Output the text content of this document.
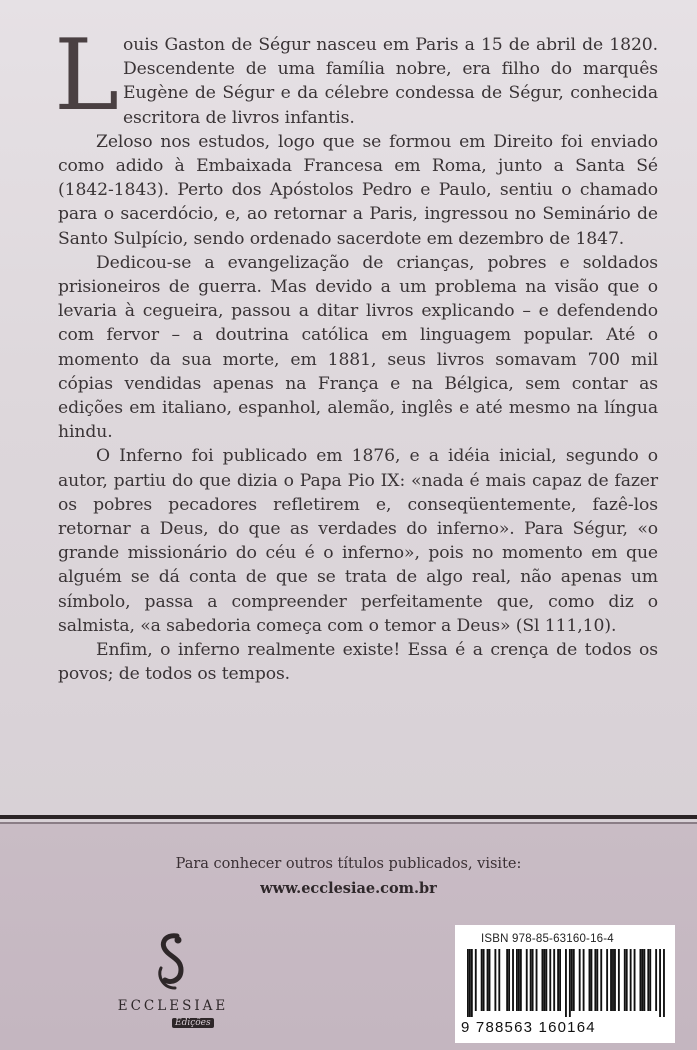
Louis Gaston de Ségur nasceu em Paris a 15 de abril de 1820. Descendente de uma família nobre, era filho do marquês Eugène de Ségur e da célebre condessa de Ségur, conhecida escritora de livros infantis.

Zeloso nos estudos, logo que se formou em Direito foi enviado como adido à Embaixada Francesa em Roma, junto a Santa Sé (1842-1843). Perto dos Apóstolos Pedro e Paulo, sentiu o chamado para o sacerdócio, e, ao retornar a Paris, ingressou no Seminário de Santo Sulpício, sendo ordenado sacerdote em dezembro de 1847.

Dedicou-se a evangelização de crianças, pobres e soldados prisioneiros de guerra. Mas devido a um problema na visão que o levaria à cegueira, passou a ditar livros explicando – e defendendo com fervor – a doutrina católica em linguagem popular. Até o momento da sua morte, em 1881, seus livros somavam 700 mil cópias vendidas apenas na França e na Bélgica, sem contar as edições em italiano, espanhol, alemão, inglês e até mesmo na língua hindu.

O Inferno foi publicado em 1876, e a idéia inicial, segundo o autor, partiu do que dizia o Papa Pio IX: «nada é mais capaz de fazer os pobres pecadores refletirem e, conseqüentemente, fazê-los retornar a Deus, do que as verdades do inferno». Para Ségur, «o grande missionário do céu é o inferno», pois no momento em que alguém se dá conta de que se trata de algo real, não apenas um símbolo, passa a compreender perfeitamente que, como diz o salmista, «a sabedoria começa com o temor a Deus» (Sl 111,10).

Enfim, o inferno realmente existe! Essa é a crença de todos os povos; de todos os tempos.

Para conhecer outros títulos publicados, visite:
www.ecclesiae.com.br
ECCLESIAE
Edições
ISBN 978-85-63160-16-4
9 788563 160164
